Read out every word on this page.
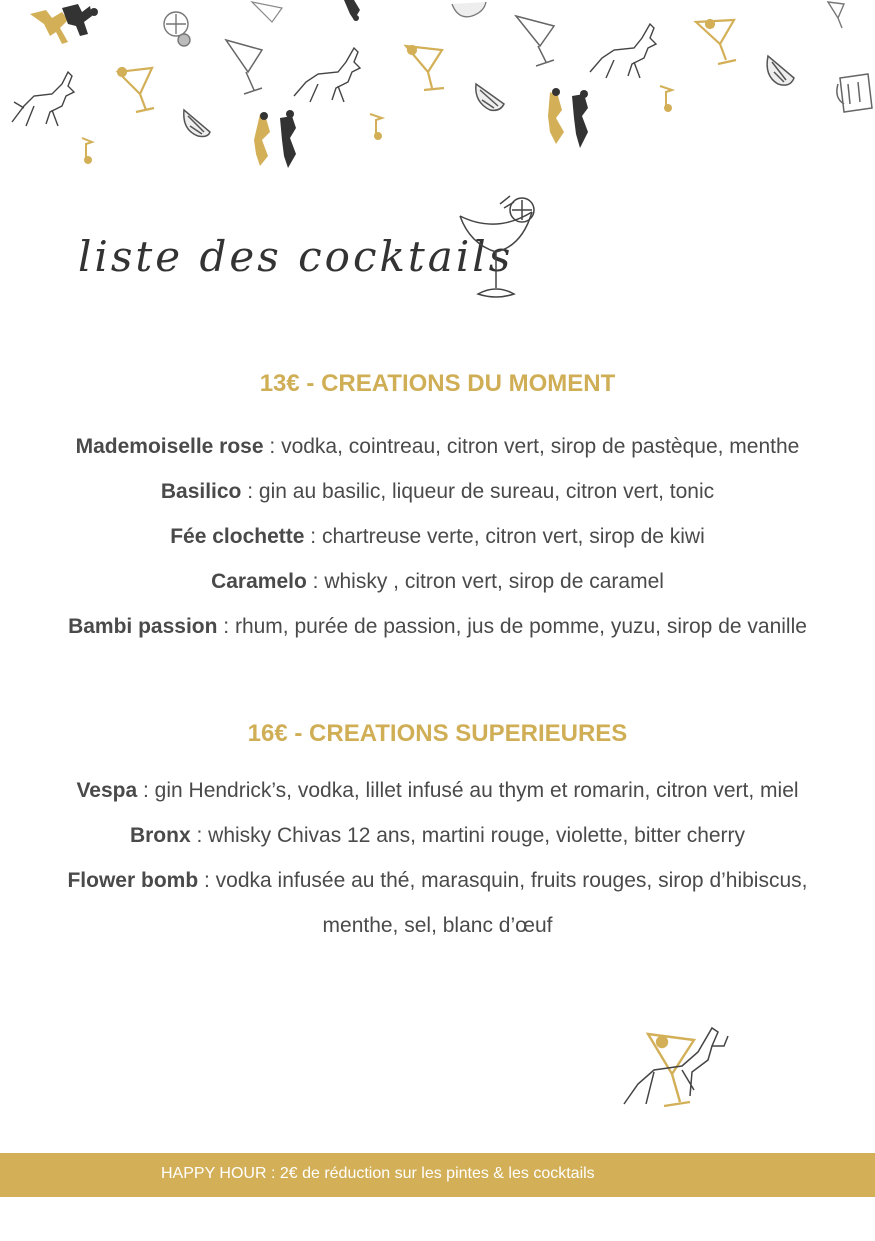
liste des cocktails
13€ - CREATIONS DU MOMENT
Mademoiselle rose : vodka, cointreau, citron vert, sirop de pastèque, menthe
Basilico : gin au basilic, liqueur de sureau, citron vert, tonic
Fée clochette : chartreuse verte, citron vert, sirop de kiwi
Caramelo : whisky , citron vert, sirop de caramel
Bambi passion : rhum, purée de passion, jus de pomme, yuzu, sirop de vanille
16€ - CREATIONS SUPERIEURES
Vespa : gin Hendrick’s, vodka, lillet infusé au thym et romarin, citron vert, miel
Bronx : whisky Chivas 12 ans, martini rouge, violette, bitter cherry
Flower bomb : vodka infusée au thé, marasquin, fruits rouges, sirop d’hibiscus, menthe, sel, blanc d’œuf
HAPPY HOUR : 2€ de réduction sur les pintes & les cocktails
